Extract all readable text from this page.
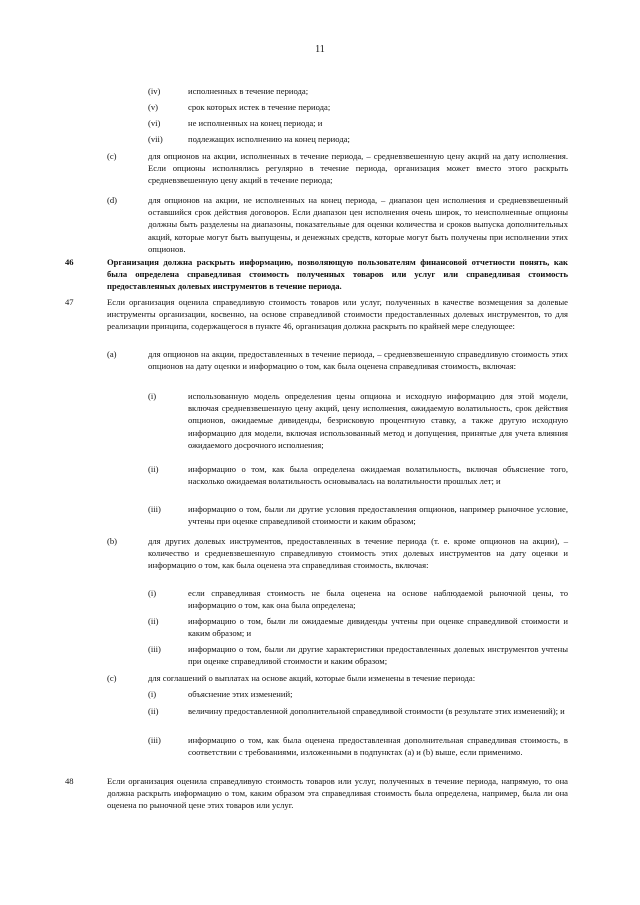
11
(iv)	исполненных в течение периода;
(v)	срок которых истек в течение периода;
(vi)	не исполненных на конец периода; и
(vii)	подлежащих исполнению на конец периода;
(c)	для опционов на акции, исполненных в течение периода, – средневзвешенную цену акций на дату исполнения. Если опционы исполнялись регулярно в течение периода, организация может вместо этого раскрыть средневзвешенную цену акций в течение периода;
(d)	для опционов на акции, не исполненных на конец периода, – диапазон цен исполнения и средневзвешенный оставшийся срок действия договоров. Если диапазон цен исполнения очень широк, то неисполненные опционы должны быть разделены на диапазоны, показательные для оценки количества и сроков выпуска дополнительных акций, которые могут быть выпущены, и денежных средств, которые могут быть получены при исполнении этих опционов.
46	Организация должна раскрыть информацию, позволяющую пользователям финансовой отчетности понять, как была определена справедливая стоимость полученных товаров или услуг или справедливая стоимость предоставленных долевых инструментов в течение периода.
47	Если организация оценила справедливую стоимость товаров или услуг, полученных в качестве возмещения за долевые инструменты организации, косвенно, на основе справедливой стоимости предоставленных долевых инструментов, то для реализации принципа, содержащегося в пункте 46, организация должна раскрыть по крайней мере следующее:
(a)	для опционов на акции, предоставленных в течение периода, – средневзвешенную справедливую стоимость этих опционов на дату оценки и информацию о том, как была оценена справедливая стоимость, включая:
(i)	использованную модель определения цены опциона и исходную информацию для этой модели, включая средневзвешенную цену акций, цену исполнения, ожидаемую волатильность, срок действия опционов, ожидаемые дивиденды, безрисковую процентную ставку, а также другую исходную информацию для модели, включая использованный метод и допущения, принятые для учета влияния ожидаемого досрочного исполнения;
(ii)	информацию о том, как была определена ожидаемая волатильность, включая объяснение того, насколько ожидаемая волатильность основывалась на волатильности прошлых лет; и
(iii)	информацию о том, были ли другие условия предоставления опционов, например рыночное условие, учтены при оценке справедливой стоимости и каким образом;
(b)	для других долевых инструментов, предоставленных в течение периода (т. е. кроме опционов на акции), – количество и средневзвешенную справедливую стоимость этих долевых инструментов на дату оценки и информацию о том, как была оценена эта справедливая стоимость, включая:
(i)	если справедливая стоимость не была оценена на основе наблюдаемой рыночной цены, то информацию о том, как она была определена;
(ii)	информацию о том, были ли ожидаемые дивиденды учтены при оценке справедливой стоимости и каким образом; и
(iii)	информацию о том, были ли другие характеристики предоставленных долевых инструментов учтены при оценке справедливой стоимости и каким образом;
(c)	для соглашений о выплатах на основе акций, которые были изменены в течение периода:
(i)	объяснение этих изменений;
(ii)	величину предоставленной дополнительной справедливой стоимости (в результате этих изменений); и
(iii)	информацию о том, как была оценена предоставленная дополнительная справедливая стоимость, в соответствии с требованиями, изложенными в подпунктах (a) и (b) выше, если применимо.
48	Если организация оценила справедливую стоимость товаров или услуг, полученных в течение периода, напрямую, то она должна раскрыть информацию о том, каким образом эта справедливая стоимость была определена, например, была ли она оценена по рыночной цене этих товаров или услуг.
